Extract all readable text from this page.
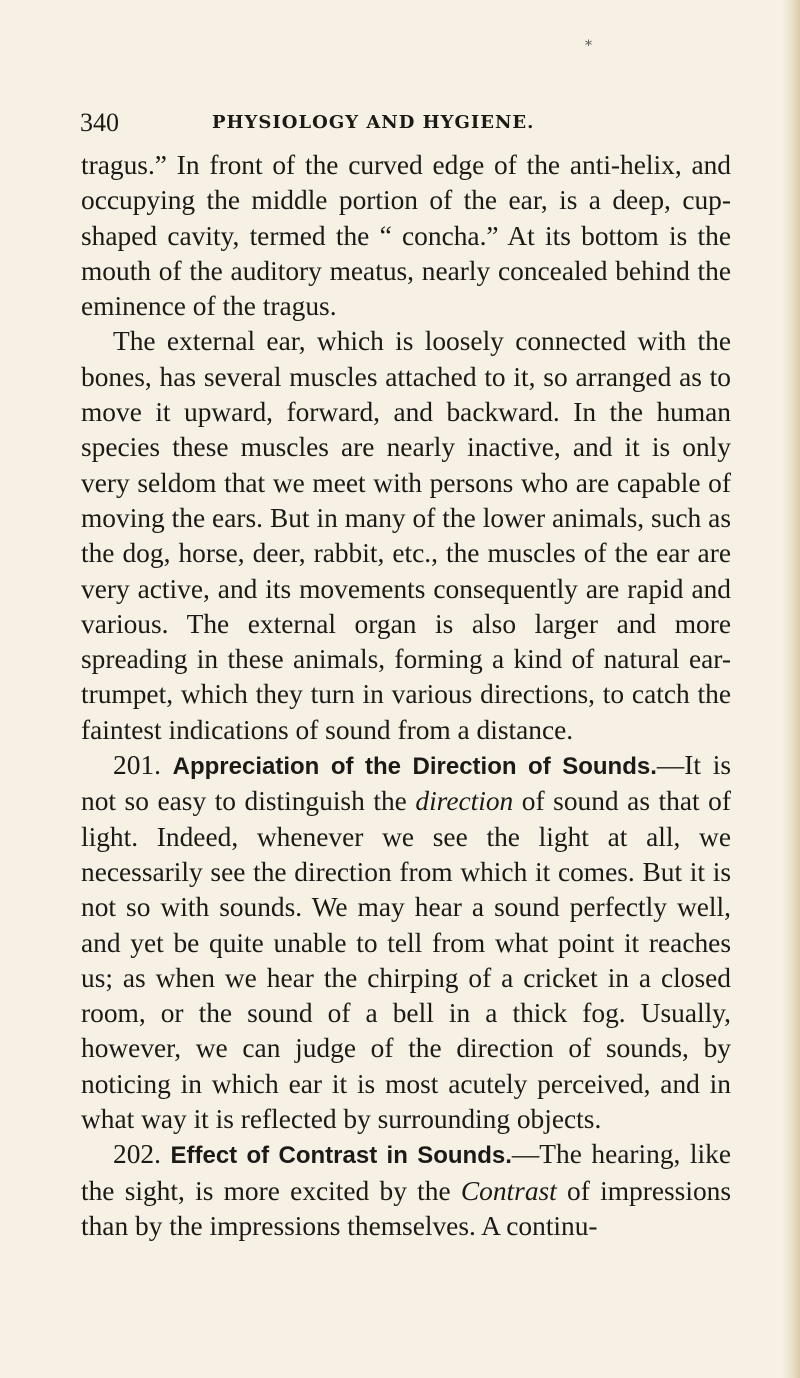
*
340	PHYSIOLOGY AND HYGIENE.

tragus.” In front of the curved edge of the anti-helix, and occupying the middle portion of the ear, is a deep, cup-shaped cavity, termed the “ concha.” At its bottom is the mouth of the auditory meatus, nearly concealed behind the eminence of the tragus.

The external ear, which is loosely connected with the bones, has several muscles attached to it, so arranged as to move it upward, forward, and backward. In the human species these muscles are nearly inactive, and it is only very seldom that we meet with persons who are capable of moving the ears. But in many of the lower animals, such as the dog, horse, deer, rabbit, etc., the muscles of the ear are very active, and its movements consequently are rapid and various. The external organ is also larger and more spreading in these animals, forming a kind of natural ear-trumpet, which they turn in various directions, to catch the faintest indications of sound from a distance.

201. Appreciation of the Direction of Sounds.—It is not so easy to distinguish the direction of sound as that of light. Indeed, whenever we see the light at all, we necessarily see the direction from which it comes. But it is not so with sounds. We may hear a sound perfectly well, and yet be quite unable to tell from what point it reaches us; as when we hear the chirping of a cricket in a closed room, or the sound of a bell in a thick fog. Usually, however, we can judge of the direction of sounds, by noticing in which ear it is most acutely perceived, and in what way it is reflected by surrounding objects.

202. Effect of Contrast in Sounds.—The hearing, like the sight, is more excited by the Contrast of impressions than by the impressions themselves. A continu-
